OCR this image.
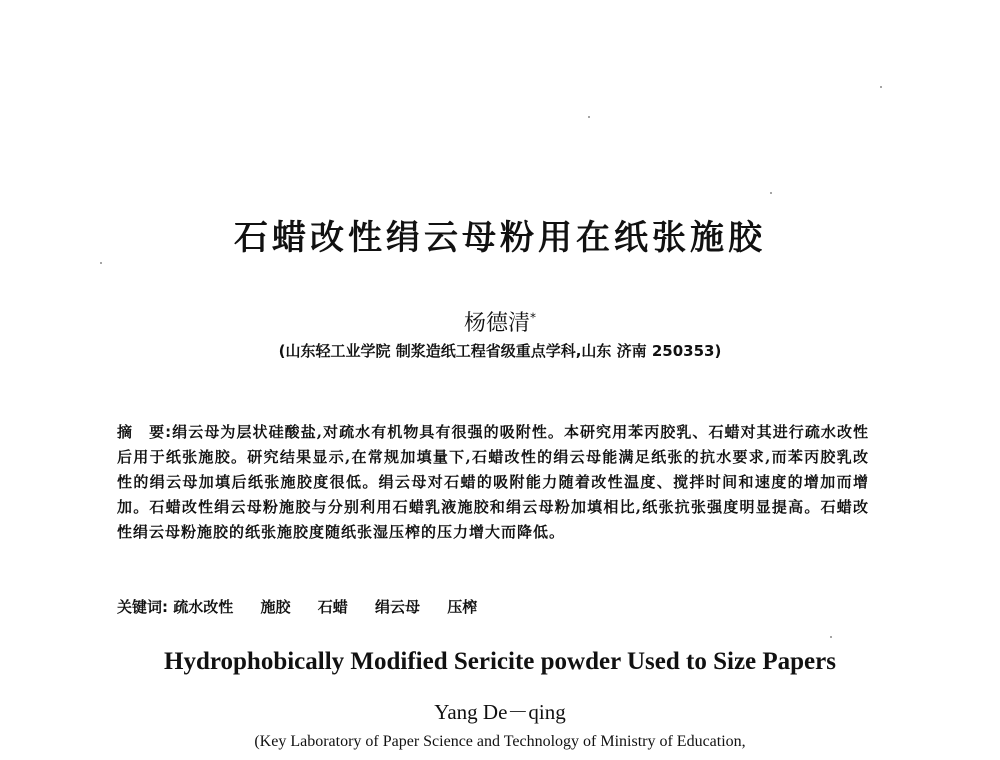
石蜡改性绢云母粉用在纸张施胶
杨德清*
(山东轻工业学院 制浆造纸工程省级重点学科,山东 济南 250353)
摘　要:绢云母为层状硅酸盐,对疏水有机物具有很强的吸附性。本研究用苯丙胶乳、石蜡对其进行疏水改性后用于纸张施胶。研究结果显示,在常规加填量下,石蜡改性的绢云母能满足纸张的抗水要求,而苯丙胶乳改性的绢云母加填后纸张施胶度很低。绢云母对石蜡的吸附能力随着改性温度、搅拌时间和速度的增加而增加。石蜡改性绢云母粉施胶与分别利用石蜡乳液施胶和绢云母粉加填相比,纸张抗张强度明显提高。石蜡改性绢云母粉施胶的纸张施胶度随纸张湿压榨的压力增大而降低。
关键词: 疏水改性 施胶 石蜡 绢云母 压榨
Hydrophobically Modified Sericite powder Used to Size Papers
Yang De－qing
(Key Laboratory of Paper Science and Technology of Ministry of Education,
